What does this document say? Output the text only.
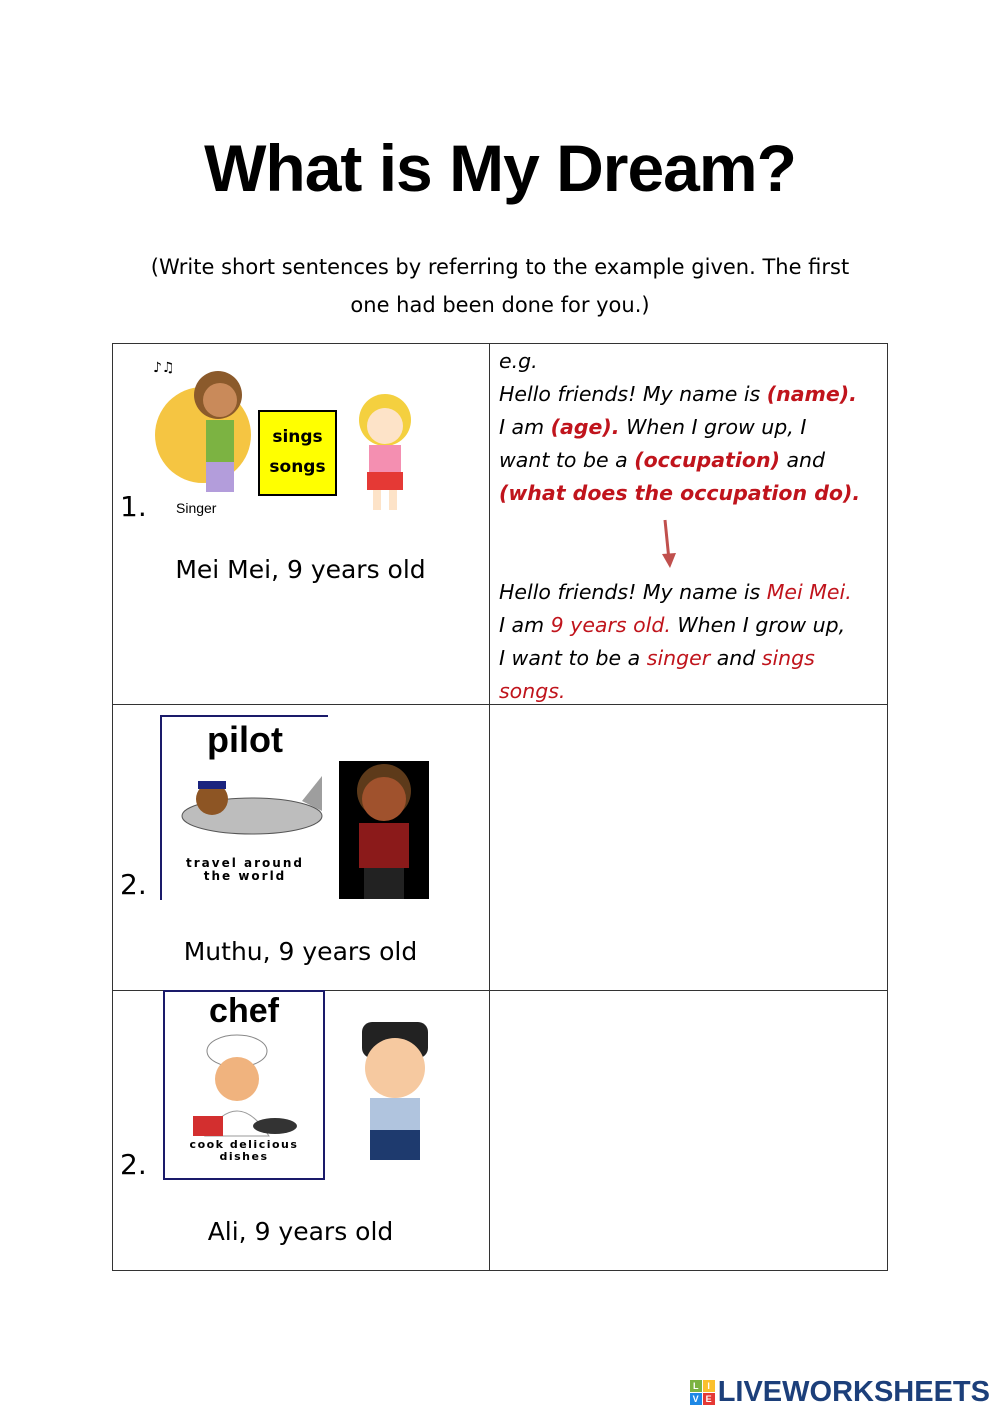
What is My Dream?
(Write short sentences by referring to the example given. The first
one had been done for you.)
♪♫
Singer
sings
songs
1.
Mei Mei, 9 years old
e.g.
Hello friends! My name is (name).
I am (age). When I grow up, I
want to be a (occupation) and
(what does the occupation do).
Hello friends! My name is Mei Mei.
I am 9 years old. When I grow up,
I want to be a singer and sings
songs.
pilot
travel around
the world
2.
Muthu, 9 years old
chef
cook delicious
dishes
2.
Ali, 9 years old
L I
V E LIVEWORKSHEETS
